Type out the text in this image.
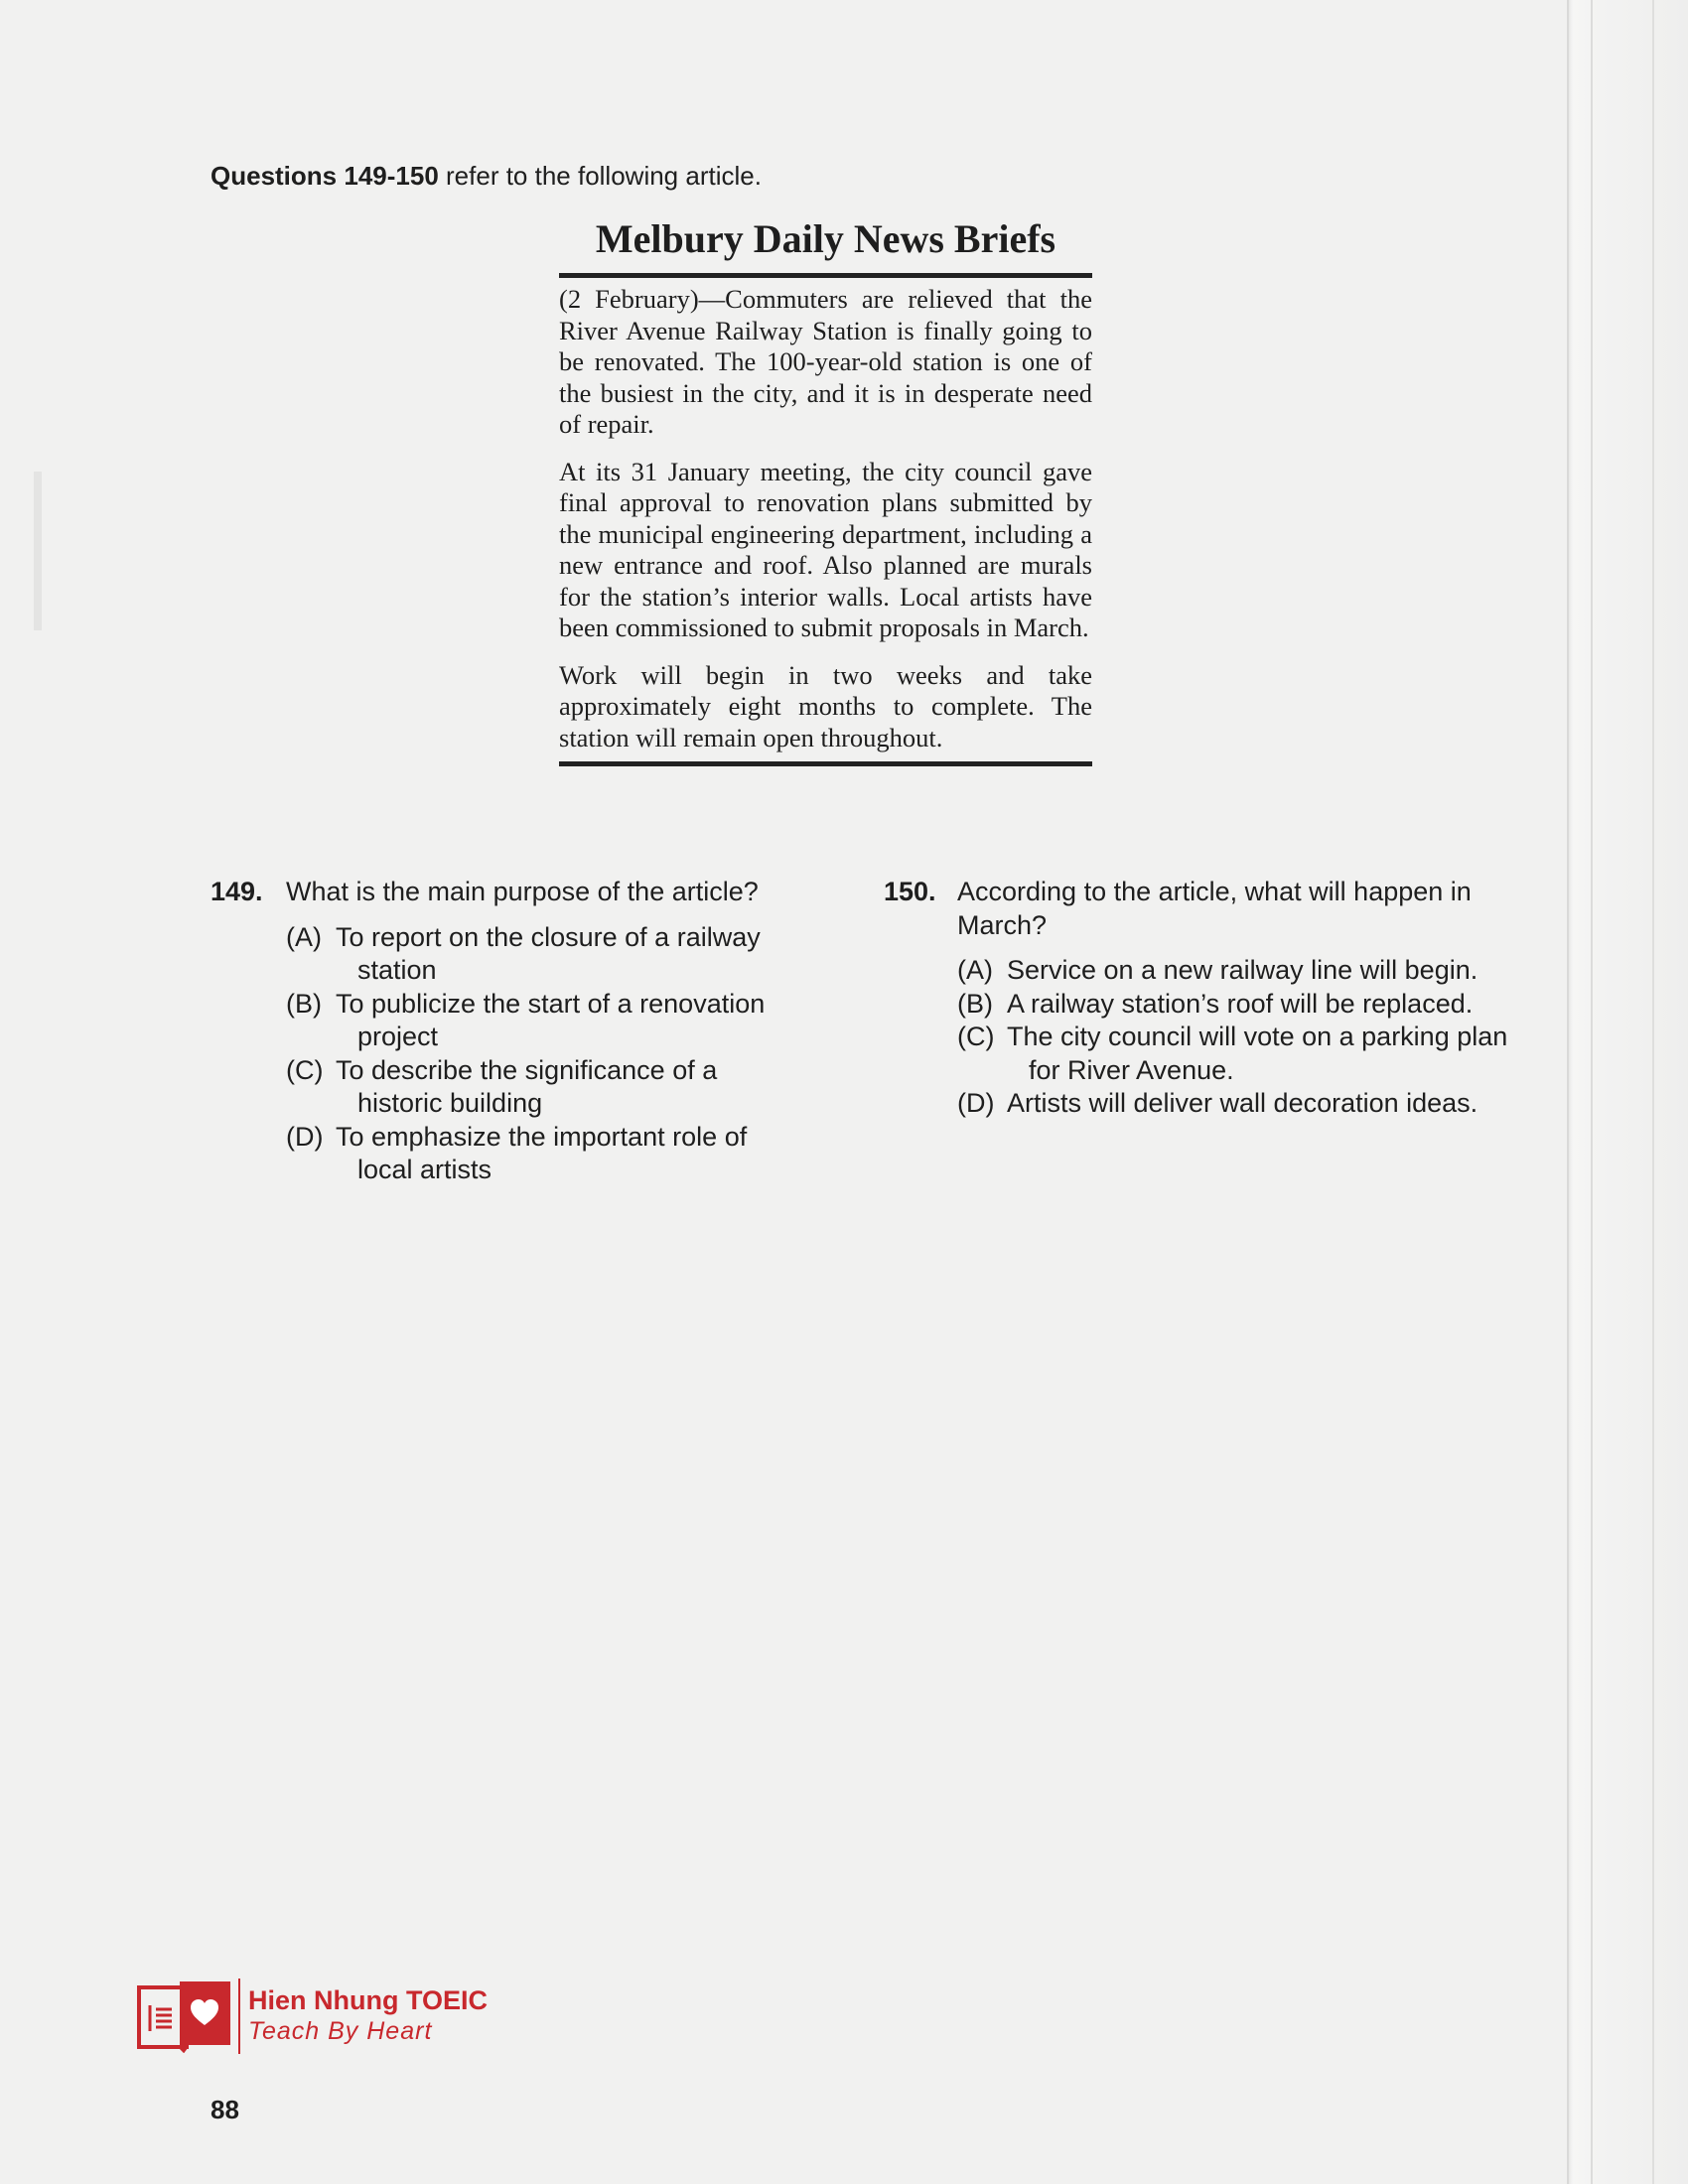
Questions 149-150 refer to the following article.
Melbury Daily News Briefs

(2 February)—Commuters are relieved that the River Avenue Railway Station is finally going to be renovated. The 100-year-old station is one of the busiest in the city, and it is in desperate need of repair.

At its 31 January meeting, the city council gave final approval to renovation plans submitted by the municipal engineering department, including a new entrance and roof. Also planned are murals for the station’s interior walls. Local artists have been commissioned to submit proposals in March.

Work will begin in two weeks and take approximately eight months to complete. The station will remain open throughout.

149. What is the main purpose of the article?
(A) To report on the closure of a railway station
(B) To publicize the start of a renovation project
(C) To describe the significance of a historic building
(D) To emphasize the important role of local artists
150. According to the article, what will happen in March?
(A) Service on a new railway line will begin.
(B) A railway station’s roof will be replaced.
(C) The city council will vote on a parking plan for River Avenue.
(D) Artists will deliver wall decoration ideas.
Hien Nhung TOEIC
Teach By Heart
88
